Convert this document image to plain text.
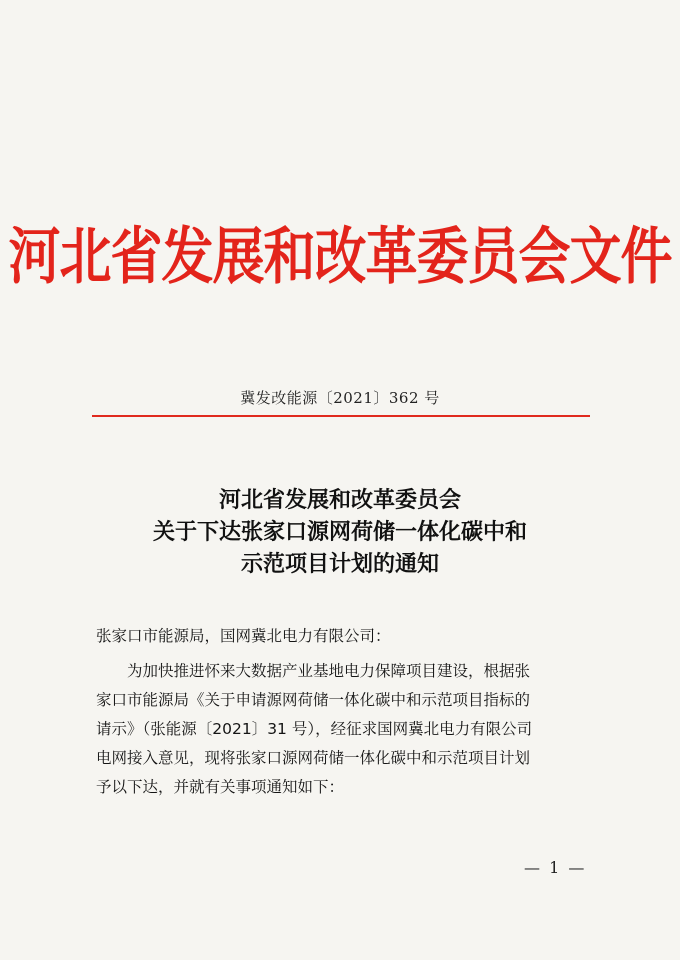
河北省发展和改革委员会文件
冀发改能源〔2021〕362 号
河北省发展和改革委员会
关于下达张家口源网荷储一体化碳中和
示范项目计划的通知
张家口市能源局，国网冀北电力有限公司：
　　为加快推进怀来大数据产业基地电力保障项目建设，根据张
家口市能源局《关于申请源网荷储一体化碳中和示范项目指标的
请示》（张能源〔2021〕31 号），经征求国网冀北电力有限公司
电网接入意见，现将张家口源网荷储一体化碳中和示范项目计划
予以下达，并就有关事项通知如下：
— 1 —
